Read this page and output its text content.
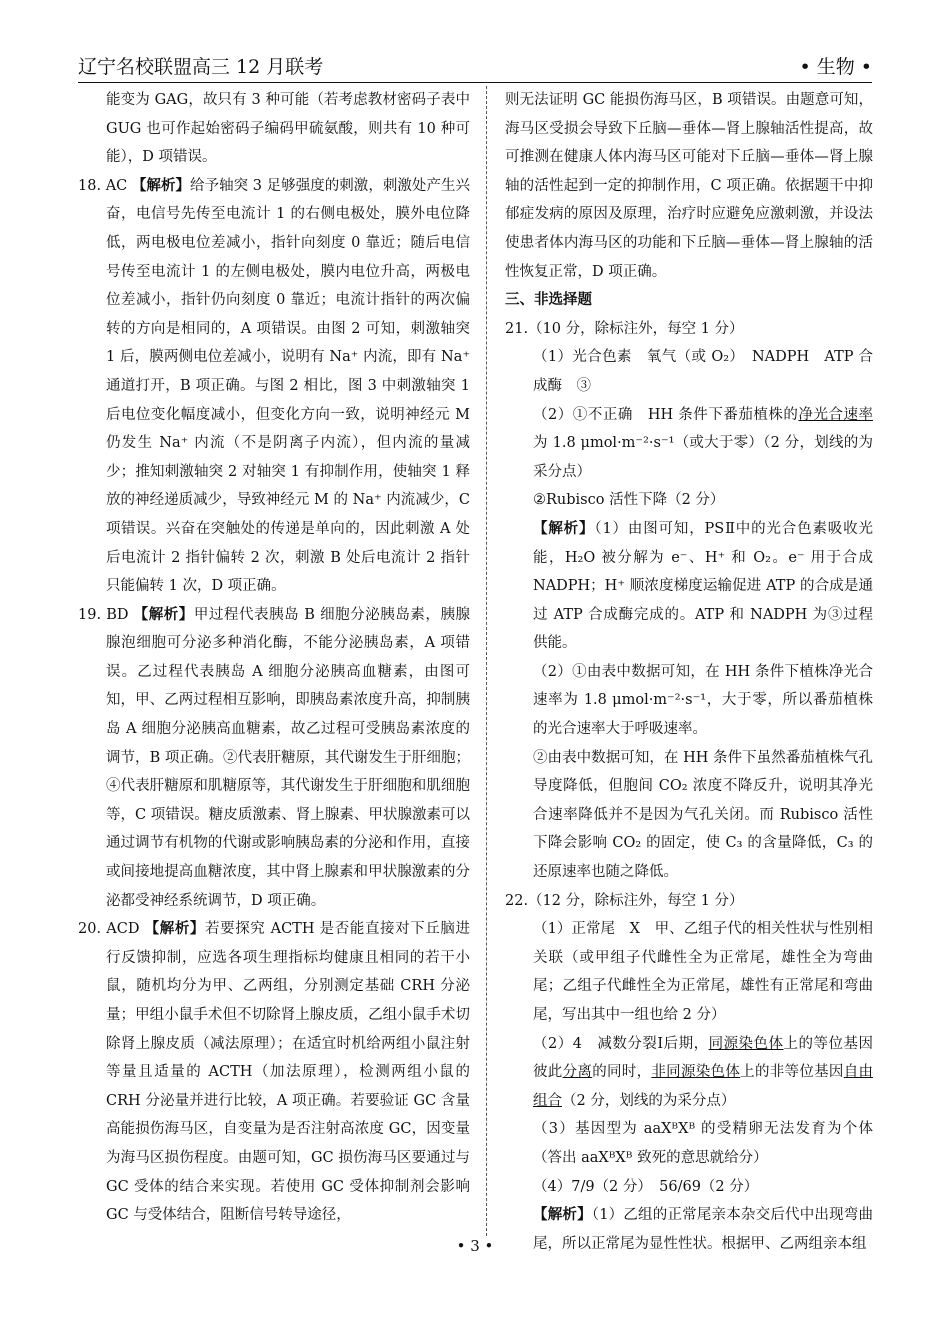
辽宁名校联盟高三 12 月联考	• 生物 •

能变为 GAG，故只有 3 种可能（若考虑教材密码子表中 GUG 也可作起始密码子编码甲硫氨酸，则共有 10 种可能），D 项错误。

18. AC 【解析】给予轴突 3 足够强度的刺激，刺激处产生兴奋，电信号先传至电流计 1 的右侧电极处，膜外电位降低，两电极电位差减小，指针向刻度 0 靠近；随后电信号传至电流计 1 的左侧电极处，膜内电位升高，两极电位差减小，指针仍向刻度 0 靠近；电流计指针的两次偏转的方向是相同的，A 项错误。由图 2 可知，刺激轴突 1 后，膜两侧电位差减小，说明有 Na⁺ 内流，即有 Na⁺ 通道打开，B 项正确。与图 2 相比，图 3 中刺激轴突 1 后电位变化幅度减小，但变化方向一致，说明神经元 M 仍发生 Na⁺ 内流（不是阴离子内流），但内流的量减少；推知刺激轴突 2 对轴突 1 有抑制作用，使轴突 1 释放的神经递质减少，导致神经元 M 的 Na⁺ 内流减少，C 项错误。兴奋在突触处的传递是单向的，因此刺激 A 处后电流计 2 指针偏转 2 次，刺激 B 处后电流计 2 指针只能偏转 1 次，D 项正确。

19. BD 【解析】甲过程代表胰岛 B 细胞分泌胰岛素，胰腺腺泡细胞可分泌多种消化酶，不能分泌胰岛素，A 项错误。乙过程代表胰岛 A 细胞分泌胰高血糖素，由图可知，甲、乙两过程相互影响，即胰岛素浓度升高，抑制胰岛 A 细胞分泌胰高血糖素，故乙过程可受胰岛素浓度的调节，B 项正确。②代表肝糖原，其代谢发生于肝细胞；④代表肝糖原和肌糖原等，其代谢发生于肝细胞和肌细胞等，C 项错误。糖皮质激素、肾上腺素、甲状腺激素可以通过调节有机物的代谢或影响胰岛素的分泌和作用，直接或间接地提高血糖浓度，其中肾上腺素和甲状腺激素的分泌都受神经系统调节，D 项正确。

20. ACD 【解析】若要探究 ACTH 是否能直接对下丘脑进行反馈抑制，应选各项生理指标均健康且相同的若干小鼠，随机均分为甲、乙两组，分别测定基础 CRH 分泌量；甲组小鼠手术但不切除肾上腺皮质，乙组小鼠手术切除肾上腺皮质（减法原理）；在适宜时机给两组小鼠注射等量且适量的 ACTH（加法原理），检测两组小鼠的 CRH 分泌量并进行比较，A 项正确。若要验证 GC 含量高能损伤海马区，自变量为是否注射高浓度 GC，因变量为海马区损伤程度。由题可知，GC 损伤海马区要通过与 GC 受体的结合来实现。若使用 GC 受体抑制剂会影响 GC 与受体结合，阻断信号转导途径，

则无法证明 GC 能损伤海马区，B 项错误。由题意可知，海马区受损会导致下丘脑—垂体—肾上腺轴活性提高，故可推测在健康人体内海马区可能对下丘脑—垂体—肾上腺轴的活性起到一定的抑制作用，C 项正确。依据题干中抑郁症发病的原因及原理，治疗时应避免应激刺激，并设法使患者体内海马区的功能和下丘脑—垂体—肾上腺轴的活性恢复正常，D 项正确。

三、非选择题

21.（10 分，除标注外，每空 1 分）

（1）光合色素　氧气（或 O₂）　NADPH　ATP 合成酶　③

（2）①不正确　HH 条件下番茄植株的净光合速率为 1.8 μmol·m⁻²·s⁻¹（或大于零）（2 分，划线的为采分点）

②Rubisco 活性下降（2 分）

【解析】（1）由图可知，PSⅡ中的光合色素吸收光能，H₂O 被分解为 e⁻、H⁺ 和 O₂。e⁻ 用于合成 NADPH；H⁺ 顺浓度梯度运输促进 ATP 的合成是通过 ATP 合成酶完成的。ATP 和 NADPH 为③过程供能。

（2）①由表中数据可知，在 HH 条件下植株净光合速率为 1.8 μmol·m⁻²·s⁻¹，大于零，所以番茄植株的光合速率大于呼吸速率。

②由表中数据可知，在 HH 条件下虽然番茄植株气孔导度降低，但胞间 CO₂ 浓度不降反升，说明其净光合速率降低并不是因为气孔关闭。而 Rubisco 活性下降会影响 CO₂ 的固定，使 C₃ 的含量降低，C₃ 的还原速率也随之降低。

22.（12 分，除标注外，每空 1 分）

（1）正常尾　X　甲、乙组子代的相关性状与性别相关联（或甲组子代雌性全为正常尾，雄性全为弯曲尾；乙组子代雌性全为正常尾，雄性有正常尾和弯曲尾，写出其中一组也给 2 分）

（2）4　减数分裂Ⅰ后期，同源染色体上的等位基因彼此分离的同时，非同源染色体上的非等位基因自由组合（2 分，划线的为采分点）

（3）基因型为 aaXᴮXᴮ 的受精卵无法发育为个体（答出 aaXᴮXᴮ 致死的意思就给分）

（4）7/9（2 分）　56/69（2 分）

【解析】（1）乙组的正常尾亲本杂交后代中出现弯曲尾，所以正常尾为显性性状。根据甲、乙两组亲本组

• 3 •
